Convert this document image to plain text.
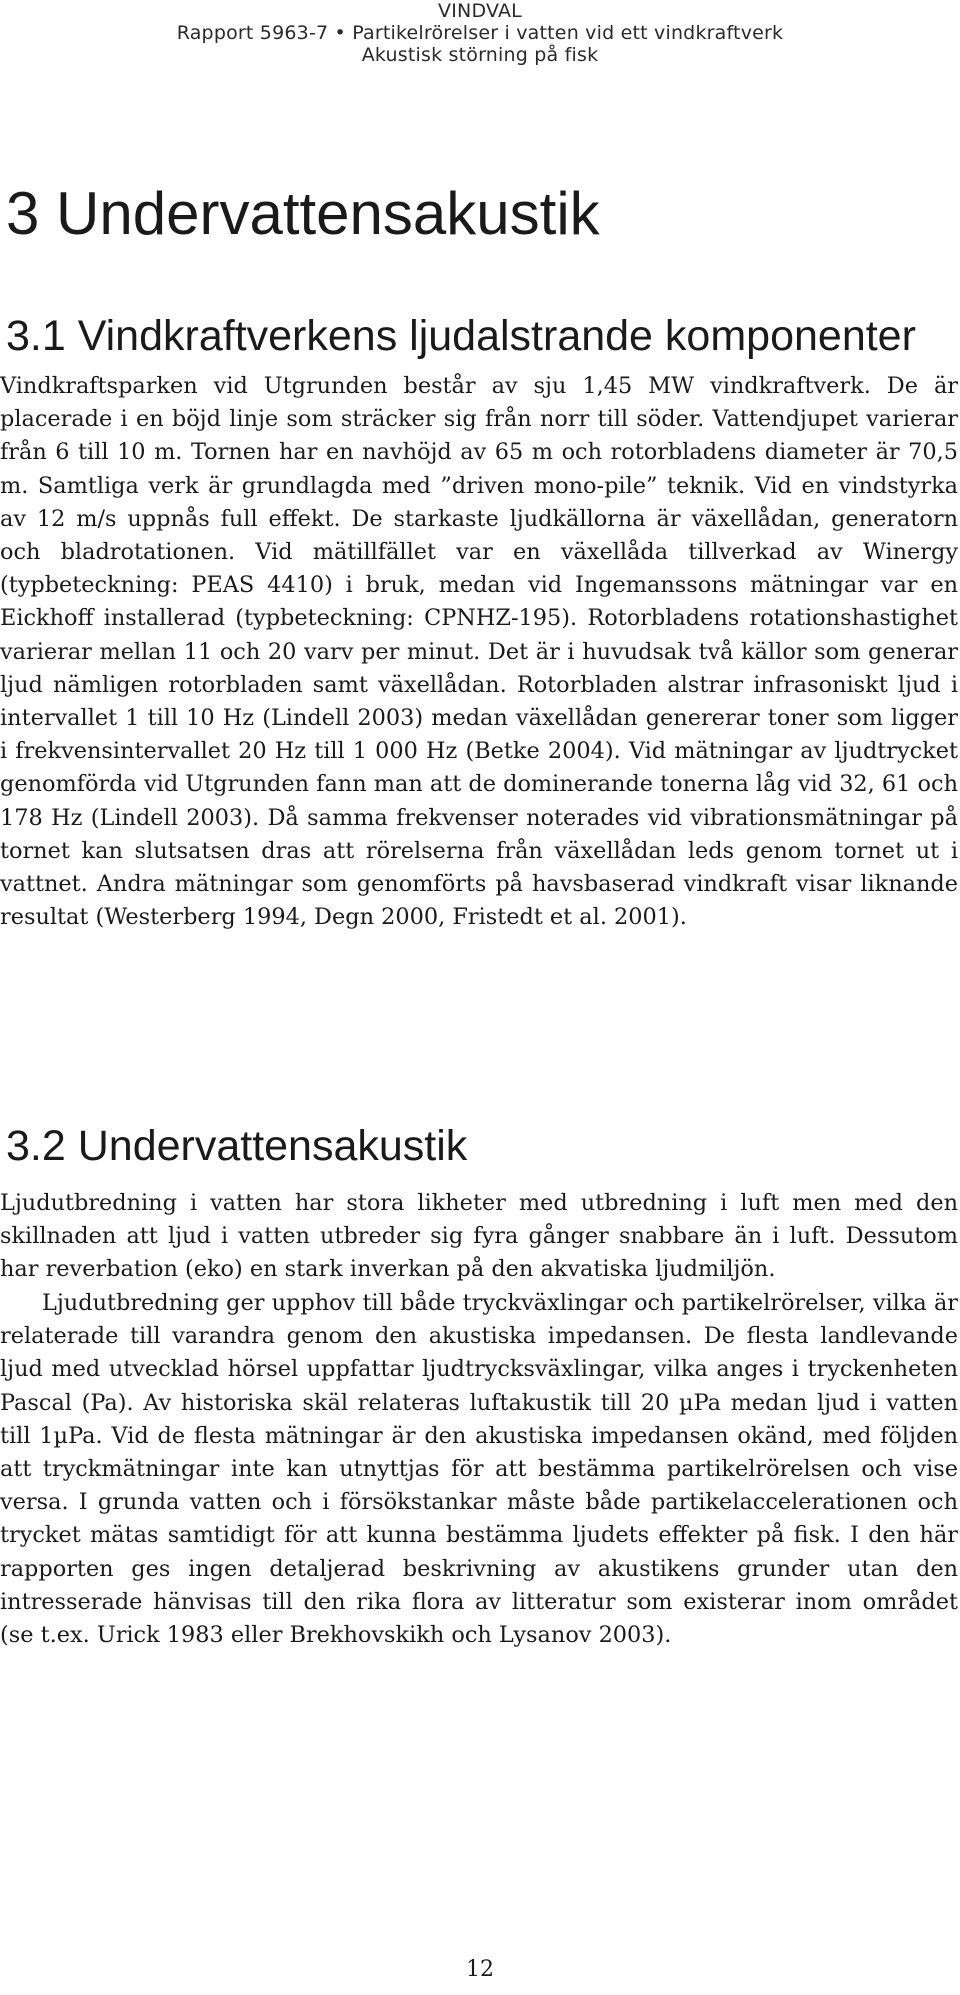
VINDVAL
Rapport 5963-7 • Partikelrörelser i vatten vid ett vindkraftverk
Akustisk störning på fisk
3 Undervattensakustik
3.1 Vindkraftverkens ljudalstrande komponenter

Vindkraftsparken vid Utgrunden består av sju 1,45 MW vindkraftverk. De är placerade i en böjd linje som sträcker sig från norr till söder. Vattendjupet varierar från 6 till 10 m. Tornen har en navhöjd av 65 m och rotorbladens diameter är 70,5 m. Samtliga verk är grundlagda med ”driven mono-pile” teknik. Vid en vindstyrka av 12 m/s uppnås full effekt. De starkaste ljudkällorna är växellådan, generatorn och bladrotationen. Vid mätillfället var en växellåda tillverkad av Winergy (typbeteckning: PEAS 4410) i bruk, medan vid Ingemanssons mätningar var en Eickhoff installerad (typbeteckning: CPNHZ-195). Rotorbladens rotationshastighet varierar mellan 11 och 20 varv per minut. Det är i huvudsak två källor som generar ljud nämligen rotorbladen samt växellådan. Rotorbladen alstrar infrasoniskt ljud i intervallet 1 till 10 Hz (Lindell 2003) medan växellådan genererar toner som ligger i frekvensintervallet 20 Hz till 1 000 Hz (Betke 2004). Vid mätningar av ljudtrycket genomförda vid Utgrunden fann man att de dominerande tonerna låg vid 32, 61 och 178 Hz (Lindell 2003). Då samma frekvenser noterades vid vibrationsmätningar på tornet kan slutsatsen dras att rörelserna från växellådan leds genom tornet ut i vattnet. Andra mätningar som genomförts på havsbaserad vindkraft visar liknande resultat (Westerberg 1994, Degn 2000, Fristedt et al. 2001).

3.2 Undervattensakustik

Ljudutbredning i vatten har stora likheter med utbredning i luft men med den skillnaden att ljud i vatten utbreder sig fyra gånger snabbare än i luft. Dessutom har reverbation (eko) en stark inverkan på den akvatiska ljudmiljön.

Ljudutbredning ger upphov till både tryckväxlingar och partikelrörelser, vilka är relaterade till varandra genom den akustiska impedansen. De flesta landlevande ljud med utvecklad hörsel uppfattar ljudtrycksväxlingar, vilka anges i tryckenheten Pascal (Pa). Av historiska skäl relateras luftakustik till 20 µPa medan ljud i vatten till 1µPa. Vid de flesta mätningar är den akustiska impedansen okänd, med följden att tryckmätningar inte kan utnyttjas för att bestämma partikelrörelsen och vise versa. I grunda vatten och i försökstankar måste både partikelaccelerationen och trycket mätas samtidigt för att kunna bestämma ljudets effekter på fisk. I den här rapporten ges ingen detaljerad beskrivning av akustikens grunder utan den intresserade hänvisas till den rika flora av litteratur som existerar inom området (se t.ex. Urick 1983 eller Brekhovskikh och Lysanov 2003).

12
